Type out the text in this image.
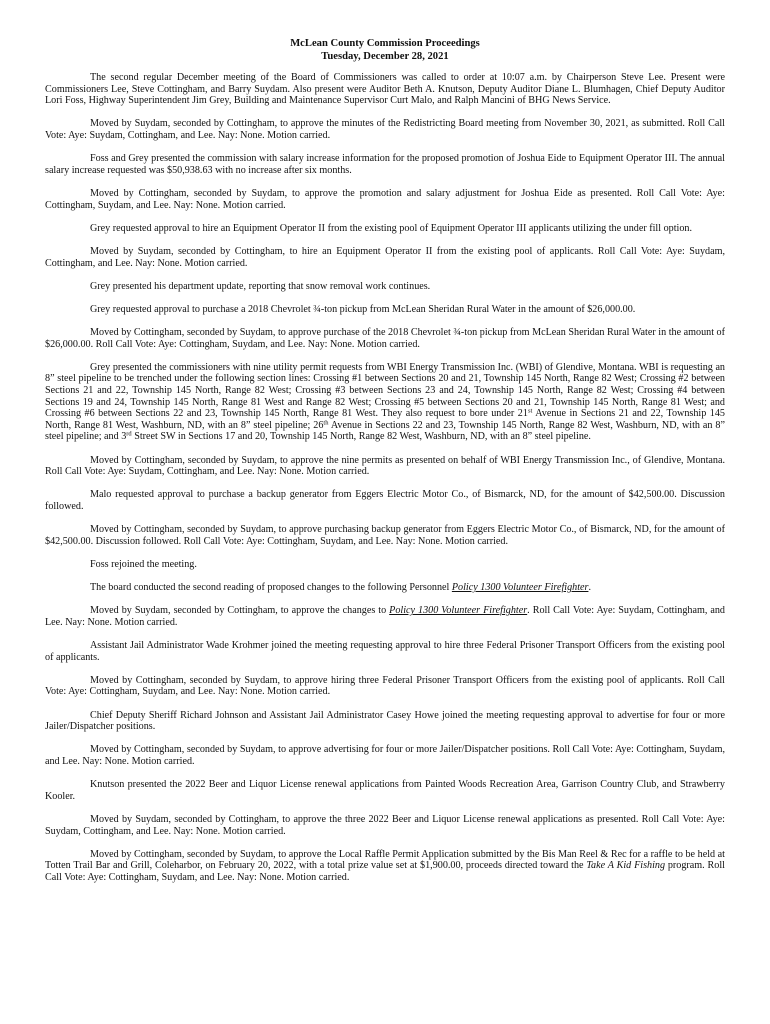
McLean County Commission Proceedings

Tuesday, December 28, 2021

The second regular December meeting of the Board of Commissioners was called to order at 10:07 a.m. by Chairperson Steve Lee. Present were Commissioners Lee, Steve Cottingham, and Barry Suydam. Also present were Auditor Beth A. Knutson, Deputy Auditor Diane L. Blumhagen, Chief Deputy Auditor Lori Foss, Highway Superintendent Jim Grey, Building and Maintenance Supervisor Curt Malo, and Ralph Mancini of BHG News Service.

Moved by Suydam, seconded by Cottingham, to approve the minutes of the Redistricting Board meeting from November 30, 2021, as submitted. Roll Call Vote: Aye: Suydam, Cottingham, and Lee. Nay: None. Motion carried.

Foss and Grey presented the commission with salary increase information for the proposed promotion of Joshua Eide to Equipment Operator III. The annual salary increase requested was $50,938.63 with no increase after six months.

Moved by Cottingham, seconded by Suydam, to approve the promotion and salary adjustment for Joshua Eide as presented. Roll Call Vote: Aye: Cottingham, Suydam, and Lee. Nay: None. Motion carried.

Grey requested approval to hire an Equipment Operator II from the existing pool of Equipment Operator III applicants utilizing the under fill option.

Moved by Suydam, seconded by Cottingham, to hire an Equipment Operator II from the existing pool of applicants. Roll Call Vote: Aye: Suydam, Cottingham, and Lee. Nay: None. Motion carried.

Grey presented his department update, reporting that snow removal work continues.

Grey requested approval to purchase a 2018 Chevrolet ¾-ton pickup from McLean Sheridan Rural Water in the amount of $26,000.00.

Moved by Cottingham, seconded by Suydam, to approve purchase of the 2018 Chevrolet ¾-ton pickup from McLean Sheridan Rural Water in the amount of $26,000.00. Roll Call Vote: Aye: Cottingham, Suydam, and Lee. Nay: None. Motion carried.

Grey presented the commissioners with nine utility permit requests from WBI Energy Transmission Inc. (WBI) of Glendive, Montana. WBI is requesting an 8” steel pipeline to be trenched under the following section lines: Crossing #1 between Sections 20 and 21, Township 145 North, Range 82 West; Crossing #2 between Sections 21 and 22, Township 145 North, Range 82 West; Crossing #3 between Sections 23 and 24, Township 145 North, Range 82 West; Crossing #4 between Sections 19 and 24, Township 145 North, Range 81 West and Range 82 West; Crossing #5 between Sections 20 and 21, Township 145 North, Range 81 West; and Crossing #6 between Sections 22 and 23, Township 145 North, Range 81 West. They also request to bore under 21st Avenue in Sections 21 and 22, Township 145 North, Range 81 West, Washburn, ND, with an 8” steel pipeline; 26th Avenue in Sections 22 and 23, Township 145 North, Range 82 West, Washburn, ND, with an 8” steel pipeline; and 3rd Street SW in Sections 17 and 20, Township 145 North, Range 82 West, Washburn, ND, with an 8” steel pipeline.

Moved by Cottingham, seconded by Suydam, to approve the nine permits as presented on behalf of WBI Energy Transmission Inc., of Glendive, Montana. Roll Call Vote: Aye: Suydam, Cottingham, and Lee. Nay: None. Motion carried.

Malo requested approval to purchase a backup generator from Eggers Electric Motor Co., of Bismarck, ND, for the amount of $42,500.00. Discussion followed.

Moved by Cottingham, seconded by Suydam, to approve purchasing backup generator from Eggers Electric Motor Co., of Bismarck, ND, for the amount of $42,500.00. Discussion followed. Roll Call Vote: Aye: Cottingham, Suydam, and Lee. Nay: None. Motion carried.

Foss rejoined the meeting.

The board conducted the second reading of proposed changes to the following Personnel Policy 1300 Volunteer Firefighter.

Moved by Suydam, seconded by Cottingham, to approve the changes to Policy 1300 Volunteer Firefighter. Roll Call Vote: Aye: Suydam, Cottingham, and Lee. Nay: None. Motion carried.

Assistant Jail Administrator Wade Krohmer joined the meeting requesting approval to hire three Federal Prisoner Transport Officers from the existing pool of applicants.

Moved by Cottingham, seconded by Suydam, to approve hiring three Federal Prisoner Transport Officers from the existing pool of applicants. Roll Call Vote: Aye: Cottingham, Suydam, and Lee. Nay: None. Motion carried.

Chief Deputy Sheriff Richard Johnson and Assistant Jail Administrator Casey Howe joined the meeting requesting approval to advertise for four or more Jailer/Dispatcher positions.

Moved by Cottingham, seconded by Suydam, to approve advertising for four or more Jailer/Dispatcher positions. Roll Call Vote: Aye: Cottingham, Suydam, and Lee. Nay: None. Motion carried.

Knutson presented the 2022 Beer and Liquor License renewal applications from Painted Woods Recreation Area, Garrison Country Club, and Strawberry Kooler.

Moved by Suydam, seconded by Cottingham, to approve the three 2022 Beer and Liquor License renewal applications as presented. Roll Call Vote: Aye: Suydam, Cottingham, and Lee. Nay: None. Motion carried.

Moved by Cottingham, seconded by Suydam, to approve the Local Raffle Permit Application submitted by the Bis Man Reel & Rec for a raffle to be held at Totten Trail Bar and Grill, Coleharbor, on February 20, 2022, with a total prize value set at $1,900.00, proceeds directed toward the Take A Kid Fishing program. Roll Call Vote: Aye: Cottingham, Suydam, and Lee. Nay: None. Motion carried.
